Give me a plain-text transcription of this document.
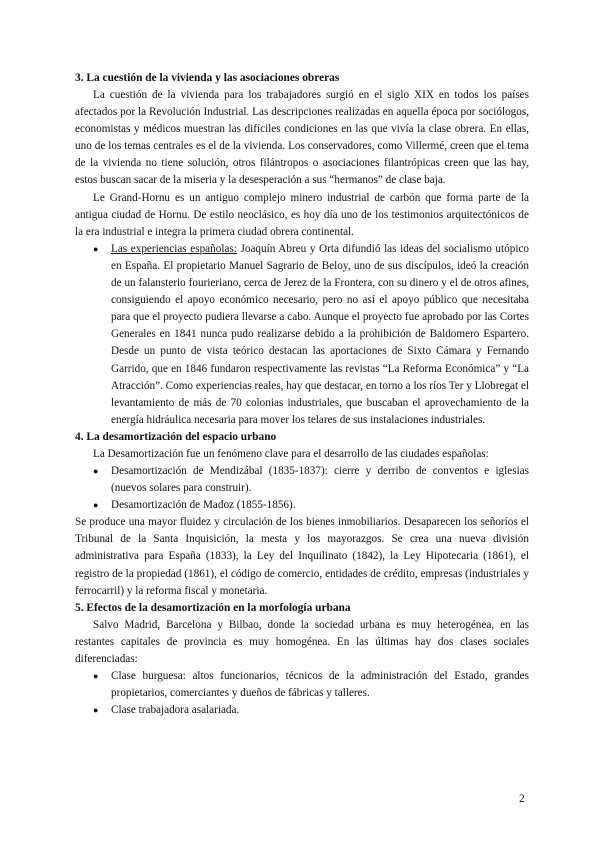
3. La cuestión de la vivienda y las asociaciones obreras

La cuestión de la vivienda para los trabajadores surgió en el siglo XIX en todos los países afectados por la Revolución Industrial. Las descripciones realizadas en aquella época por sociólogos, economistas y médicos muestran las difíciles condiciones en las que vivía la clase obrera. En ellas, uno de los temas centrales es el de la vivienda. Los conservadores, como Villermé, creen que el tema de la vivienda no tiene solución, otros filántropos o asociaciones filantrópicas creen que las hay, estos buscan sacar de la miseria y la desesperación a sus “hermanos” de clase baja.

Le Grand-Hornu es un antiguo complejo minero industrial de carbón que forma parte de la antigua ciudad de Hornu. De estilo neoclásico, es hoy día uno de los testimonios arquitectónicos de la era industrial e integra la primera ciudad obrera continental.

● Las experiencias españolas: Joaquín Abreu y Orta difundió las ideas del socialismo utópico en España. El propietario Manuel Sagrario de Beloy, uno de sus discípulos, ideó la creación de un falansterio fourieriano, cerca de Jerez de la Frontera, con su dinero y el de otros afines, consiguiendo el apoyo económico necesario, pero no así el apoyo público que necesitaba para que el proyecto pudiera llevarse a cabo. Aunque el proyecto fue aprobado por las Cortes Generales en 1841 nunca pudo realizarse debido a la prohibición de Baldomero Espartero. Desde un punto de vista teórico destacan las aportaciones de Sixto Cámara y Fernando Garrido, que en 1846 fundaron respectivamente las revistas “La Reforma Económica” y “La Atracción”. Como experiencias reales, hay que destacar, en torno a los ríos Ter y Llobregat el levantamiento de más de 70 colonias industriales, que buscaban el aprovechamiento de la energía hidráulica necesaria para mover los telares de sus instalaciones industriales.

4. La desamortización del espacio urbano

La Desamortización fue un fenómeno clave para el desarrollo de las ciudades españolas:

● Desamortización de Mendizábal (1835-1837): cierre y derribo de conventos e iglesias (nuevos solares para construir).
● Desamortización de Madoz (1855-1856).

Se produce una mayor fluidez y circulación de los bienes inmobiliarios. Desaparecen los señoríos el Tribunal de la Santa Inquisición, la mesta y los mayorazgos. Se crea una nueva división administrativa para España (1833), la Ley del Inquilinato (1842), la Ley Hipotecaria (1861), el registro de la propiedad (1861), el código de comercio, entidades de crédito, empresas (industriales y ferrocarril) y la reforma fiscal y monetaria.

5. Efectos de la desamortización en la morfología urbana

Salvo Madrid, Barcelona y Bilbao, donde la sociedad urbana es muy heterogénea, en las restantes capitales de provincia es muy homogénea. En las últimas hay dos clases sociales diferenciadas:

● Clase burguesa: altos funcionarios, técnicos de la administración del Estado, grandes propietarios, comerciantes y dueños de fábricas y talleres.
● Clase trabajadora asalariada.
2
